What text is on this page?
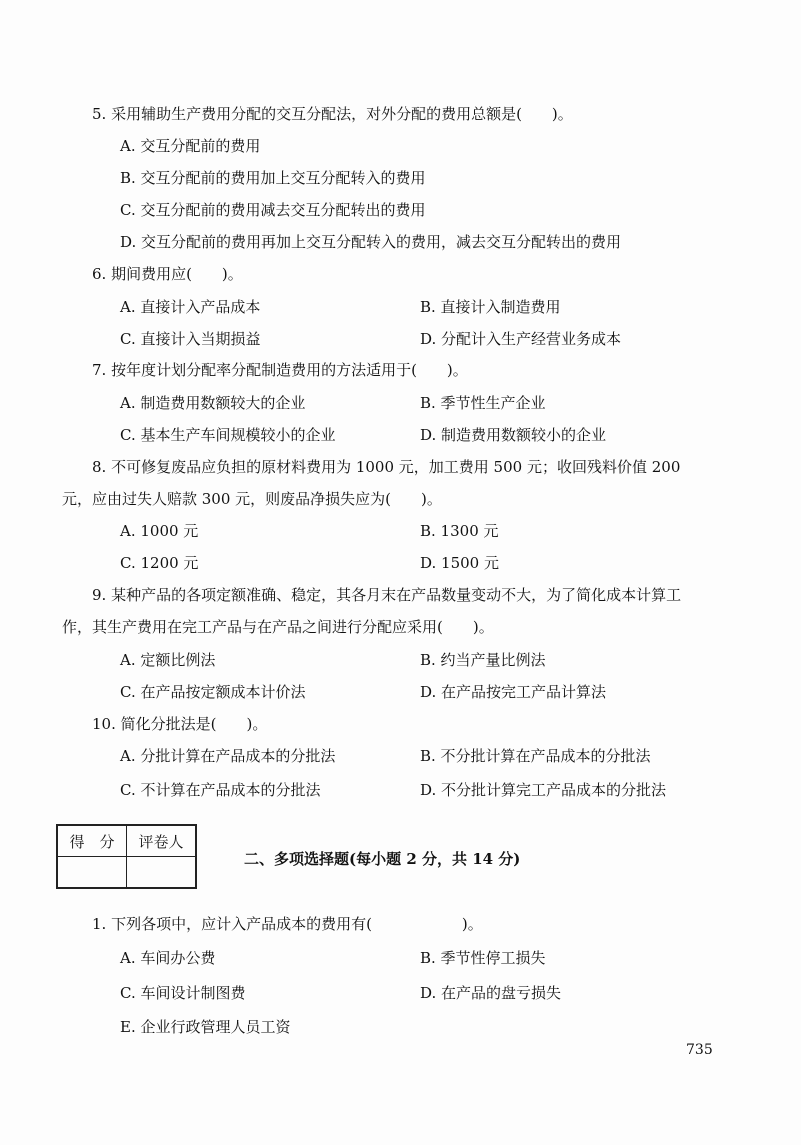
5. 采用辅助生产费用分配的交互分配法，对外分配的费用总额是(　　)。
A. 交互分配前的费用
B. 交互分配前的费用加上交互分配转入的费用
C. 交互分配前的费用减去交互分配转出的费用
D. 交互分配前的费用再加上交互分配转入的费用，减去交互分配转出的费用
6. 期间费用应(　　)。
A. 直接计入产品成本	B. 直接计入制造费用
C. 直接计入当期损益	D. 分配计入生产经营业务成本
7. 按年度计划分配率分配制造费用的方法适用于(　　)。
A. 制造费用数额较大的企业	B. 季节性生产企业
C. 基本生产车间规模较小的企业	D. 制造费用数额较小的企业
8. 不可修复废品应负担的原材料费用为 1000 元，加工费用 500 元；收回残料价值 200
元，应由过失人赔款 300 元，则废品净损失应为(　　)。
A. 1000 元	B. 1300 元
C. 1200 元	D. 1500 元
9. 某种产品的各项定额准确、稳定，其各月末在产品数量变动不大，为了简化成本计算工
作，其生产费用在完工产品与在产品之间进行分配应采用(　　)。
A. 定额比例法	B. 约当产量比例法
C. 在产品按定额成本计价法	D. 在产品按完工产品计算法
10. 简化分批法是(　　)。
A. 分批计算在产品成本的分批法	B. 不分批计算在产品成本的分批法
C. 不计算在产品成本的分批法	D. 不分批计算完工产品成本的分批法
得　分	评卷人

二、多项选择题(每小题 2 分，共 14 分)
1. 下列各项中，应计入产品成本的费用有(　　　　　　)。
A. 车间办公费	B. 季节性停工损失
C. 车间设计制图费	D. 在产品的盘亏损失
E. 企业行政管理人员工资
735
